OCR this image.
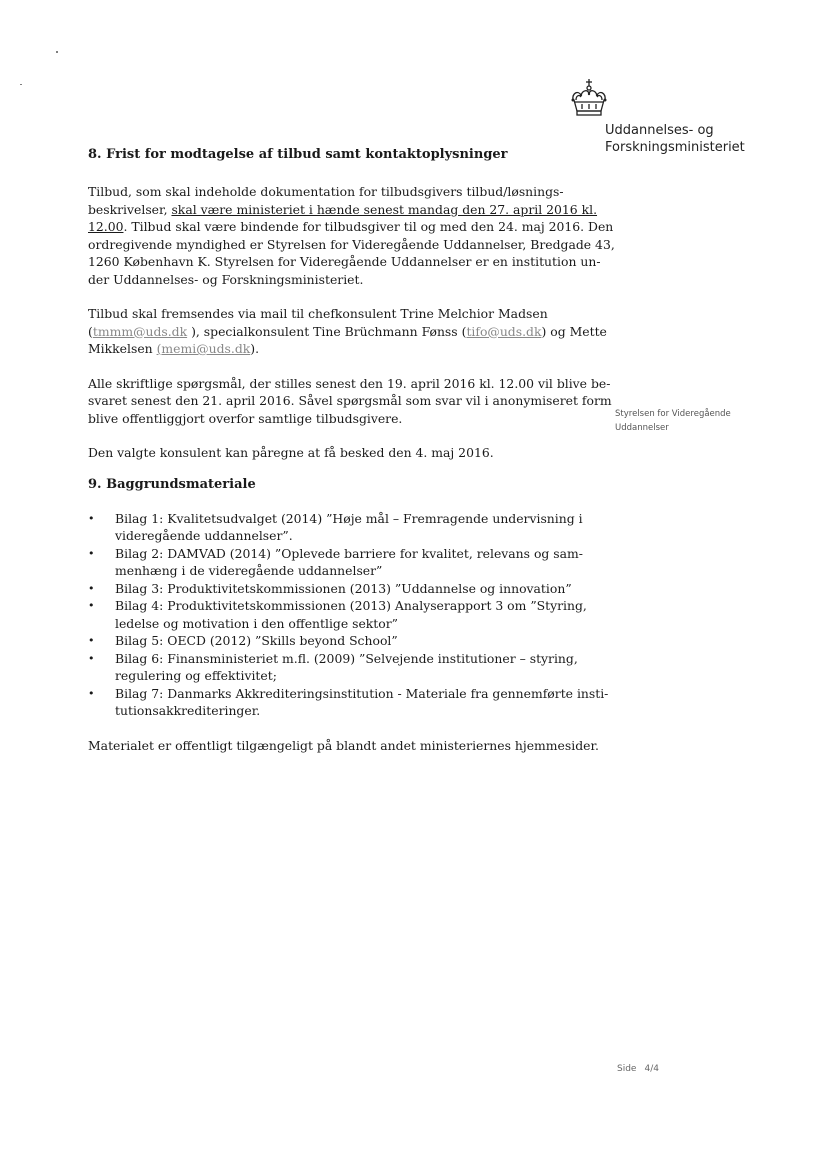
Uddannelses- og
Forskningsministeriet
Styrelsen for Videregående
Uddannelser
Side 4/4
8. Frist for modtagelse af tilbud samt kontaktoplysninger
Tilbud, som skal indeholde dokumentation for tilbudsgivers tilbud/løsnings-
beskrivelser, skal være ministeriet i hænde senest mandag den 27. april 2016 kl.
12.00. Tilbud skal være bindende for tilbudsgiver til og med den 24. maj 2016. Den
ordregivende myndighed er Styrelsen for Videregående Uddannelser, Bredgade 43,
1260 København K. Styrelsen for Videregående Uddannelser er en institution un-
der Uddannelses- og Forskningsministeriet.
Tilbud skal fremsendes via mail til chefkonsulent Trine Melchior Madsen
(tmmm@uds.dk ), specialkonsulent Tine Brüchmann Fønss (tifo@uds.dk) og Mette
Mikkelsen (memi@uds.dk).
Alle skriftlige spørgsmål, der stilles senest den 19. april 2016 kl. 12.00 vil blive be-
svaret senest den 21. april 2016. Såvel spørgsmål som svar vil i anonymiseret form
blive offentliggjort overfor samtlige tilbudsgivere.
Den valgte konsulent kan påregne at få besked den 4. maj 2016.
9. Baggrundsmateriale
• Bilag 1: Kvalitetsudvalget (2014) ”Høje mål – Fremragende undervisning i
videregående uddannelser”.
• Bilag 2: DAMVAD (2014) ”Oplevede barriere for kvalitet, relevans og sam-
menhæng i de videregående uddannelser”
• Bilag 3: Produktivitetskommissionen (2013) ”Uddannelse og innovation”
• Bilag 4: Produktivitetskommissionen (2013) Analyserapport 3 om ”Styring,
ledelse og motivation i den offentlige sektor”
• Bilag 5: OECD (2012) ”Skills beyond School”
• Bilag 6: Finansministeriet m.fl. (2009) ”Selvejende institutioner – styring,
regulering og effektivitet;
• Bilag 7: Danmarks Akkrediteringsinstitution - Materiale fra gennemførte insti-
tutionsakkrediteringer.
Materialet er offentligt tilgængeligt på blandt andet ministeriernes hjemmesider.
